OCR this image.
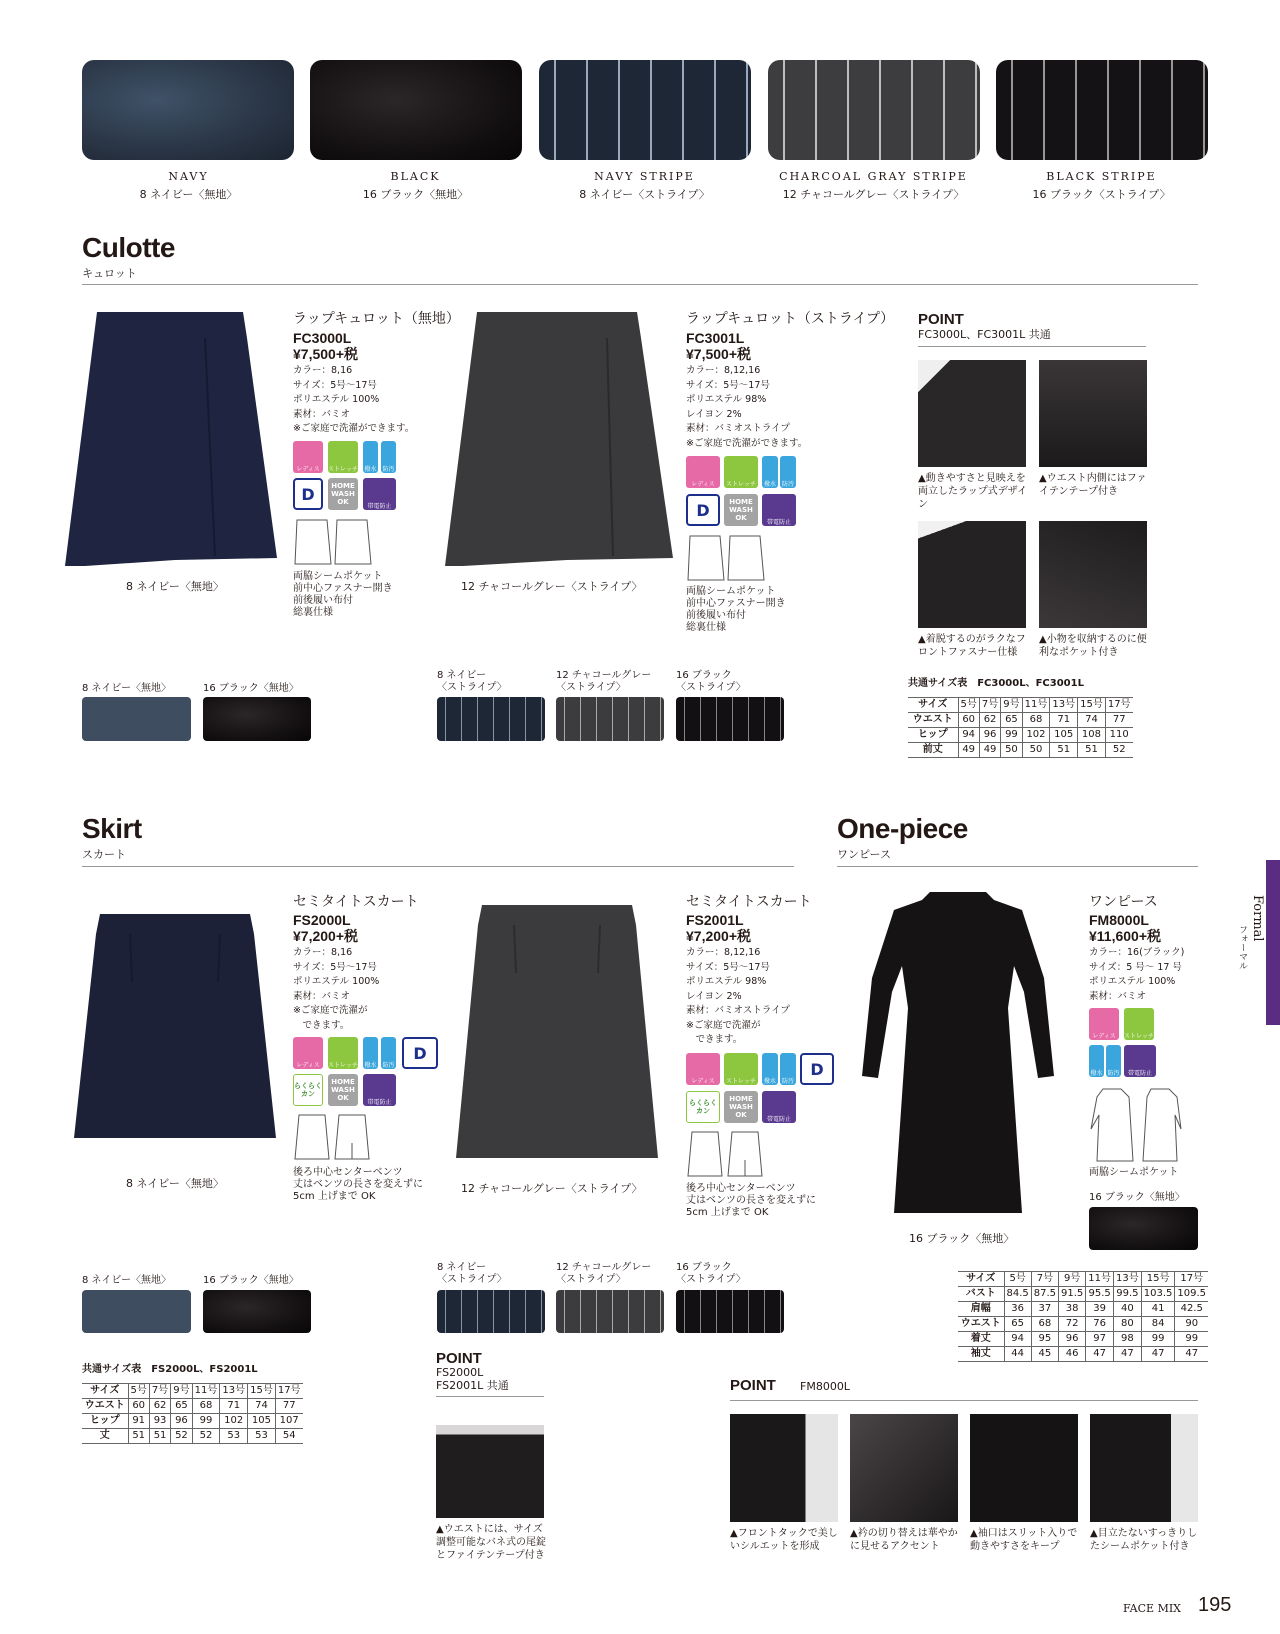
NAVY
8 ネイビー〈無地〉
BLACK
16 ブラック〈無地〉
NAVY STRIPE
8 ネイビー〈ストライプ〉
CHARCOAL GRAY STRIPE
12 チャコールグレー〈ストライプ〉
BLACK STRIPE
16 ブラック〈ストライプ〉
Culotte
キュロット
8 ネイビー〈無地〉
ラップキュロット（無地）
FC3000L
¥7,500+税
カラー：8,16
サイズ：5号〜17号
ポリエステル 100%
素材：バミオ
※ご家庭で洗濯ができます。
レディス	ストレッチ 撥水 防汚
D	HOME WASH OK
帯電防止
両脇シームポケット
前中心ファスナー開き
前後履い布付
総裏仕様
12 チャコールグレー〈ストライプ〉
ラップキュロット（ストライプ）
FC3001L
¥7,500+税
カラー：8,12,16
サイズ：5号〜17号
ポリエステル 98%
レイヨン 2%
素材：バミオストライプ
※ご家庭で洗濯ができます。
レディス	ストレッチ	撥水 防汚
D	HOME WASH OK
帯電防止
両脇シームポケット
前中心ファスナー開き
前後履い布付
総裏仕様
8 ネイビー〈無地〉	16 ブラック〈無地〉
8 ネイビー
〈ストライプ〉
12 チャコールグレー
〈ストライプ〉
16 ブラック
〈ストライプ〉
POINT
FC3000L、FC3001L 共通
▲動きやすさと見映えを両立したラップ式デザイン
▲ウエスト内側にはファイテンテープ付き
▲着脱するのがラクなフロントファスナー仕様
▲小物を収納するのに便利なポケット付き
共通サイズ表　FC3000L、FC3001L
サイズ	5号	7号	9号	11号	13号	15号	17号
ウエスト	60	62	65	68	71	74	77
ヒップ	94	96	99	102	105	108	110
前丈	49	49	50	50	51	51	52
Skirt
スカート
8 ネイビー〈無地〉
セミタイトスカート
FS2000L
¥7,200+税
カラー：8,16
サイズ：5号〜17号
ポリエステル 100%
素材：バミオ
※ご家庭で洗濯が
　できます。
レディス	ストレッチ 撥水 防汚
D
らくらく カン
HOME WASH OK
帯電防止
後ろ中心センターベンツ
丈はベンツの長さを変えずに
5cm 上げまで OK
12 チャコールグレー〈ストライプ〉
セミタイトスカート
FS2001L
¥7,200+税
カラー：8,12,16
サイズ：5号〜17号
ポリエステル 98%
レイヨン 2%
素材：バミオストライプ
※ご家庭で洗濯が
　できます。
レディス	ストレッチ	撥水 防汚
D
らくらく カン
HOME WASH OK
帯電防止
後ろ中心センターベンツ
丈はベンツの長さを変えずに
5cm 上げまで OK
8 ネイビー〈無地〉	16 ブラック〈無地〉
8 ネイビー
〈ストライプ〉
12 チャコールグレー
〈ストライプ〉
16 ブラック
〈ストライプ〉
共通サイズ表　FS2000L、FS2001L
サイズ	5号	7号	9号	11号	13号	15号	17号
ウエスト	60	62	65	68	71	74	77
ヒップ	91	93	96	99	102	105	107
丈	51	51	52	52	53	53	54
POINT
FS2000L
FS2001L 共通
▲ウエストには、サイズ調整可能なバネ式の尾錠とファイテンテープ付き
One-piece
ワンピース
16 ブラック〈無地〉
ワンピース
FM8000L
¥11,600+税
カラー：16(ブラック)
サイズ：5 号〜 17 号
ポリエステル 100%
素材：バミオ
レディス	ストレッチ
撥水 防汚	帯電防止
両脇シームポケット
16 ブラック〈無地〉
サイズ	5号	7号	9号	11号	13号	15号	17号
バスト	84.5	87.5	91.5	95.5	99.5	103.5	109.5
肩幅	36	37	38	39	40	41	42.5
ウエスト	65	68	72	76	80	84	90
着丈	94	95	96	97	98	99	99
袖丈	44	45	46	47	47	47	47
POINT FM8000L
▲フロントタックで美しいシルエットを形成
▲衿の切り替えは華やかに見せるアクセント
▲袖口はスリット入りで動きやすさをキープ
▲目立たないすっきりしたシームポケット付き
Formal
フォーマル
FACE MIX 195
